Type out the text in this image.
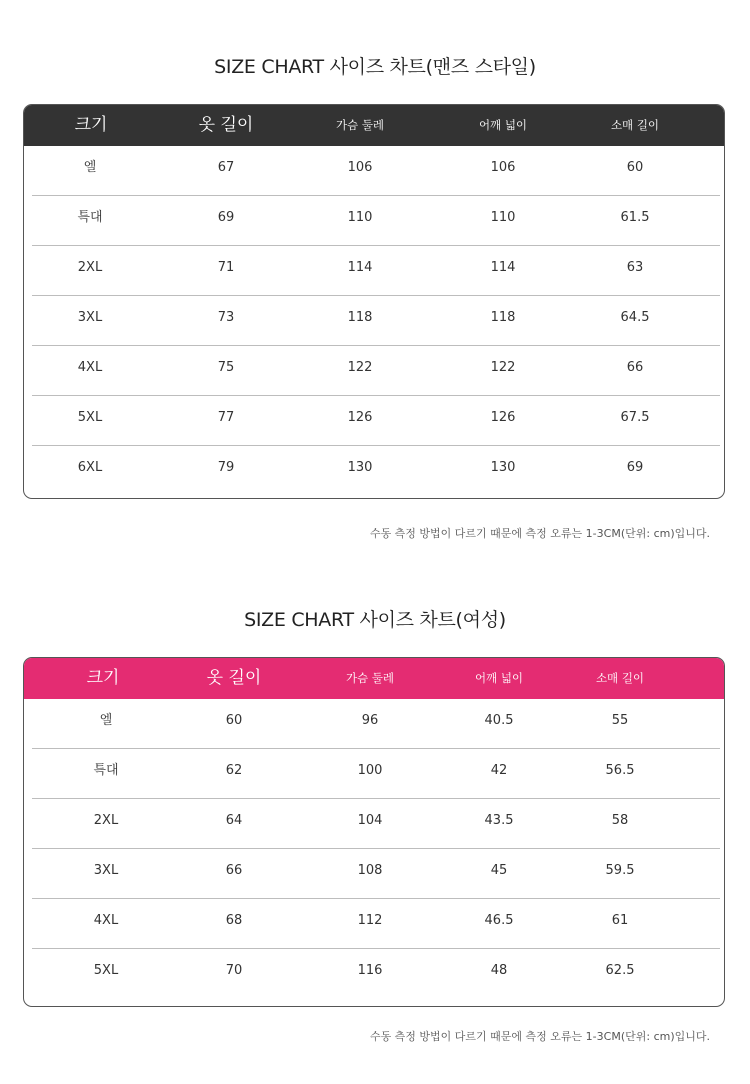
SIZE CHART 사이즈 차트(맨즈 스타일)
크기	옷 길이	가슴 둘레	어깨 넓이	소매 길이
엘	67	106	106	60
특대	69	110	110	61.5
2XL	71	114	114	63
3XL	73	118	118	64.5
4XL	75	122	122	66
5XL	77	126	126	67.5
6XL	79	130	130	69
수동 측정 방법이 다르기 때문에 측정 오류는 1-3CM(단위: cm)입니다.
SIZE CHART 사이즈 차트(여성)
크기	옷 길이	가슴 둘레	어깨 넓이	소매 길이
엘	60	96	40.5	55
특대	62	100	42	56.5
2XL	64	104	43.5	58
3XL	66	108	45	59.5
4XL	68	112	46.5	61
5XL	70	116	48	62.5
수동 측정 방법이 다르기 때문에 측정 오류는 1-3CM(단위: cm)입니다.
